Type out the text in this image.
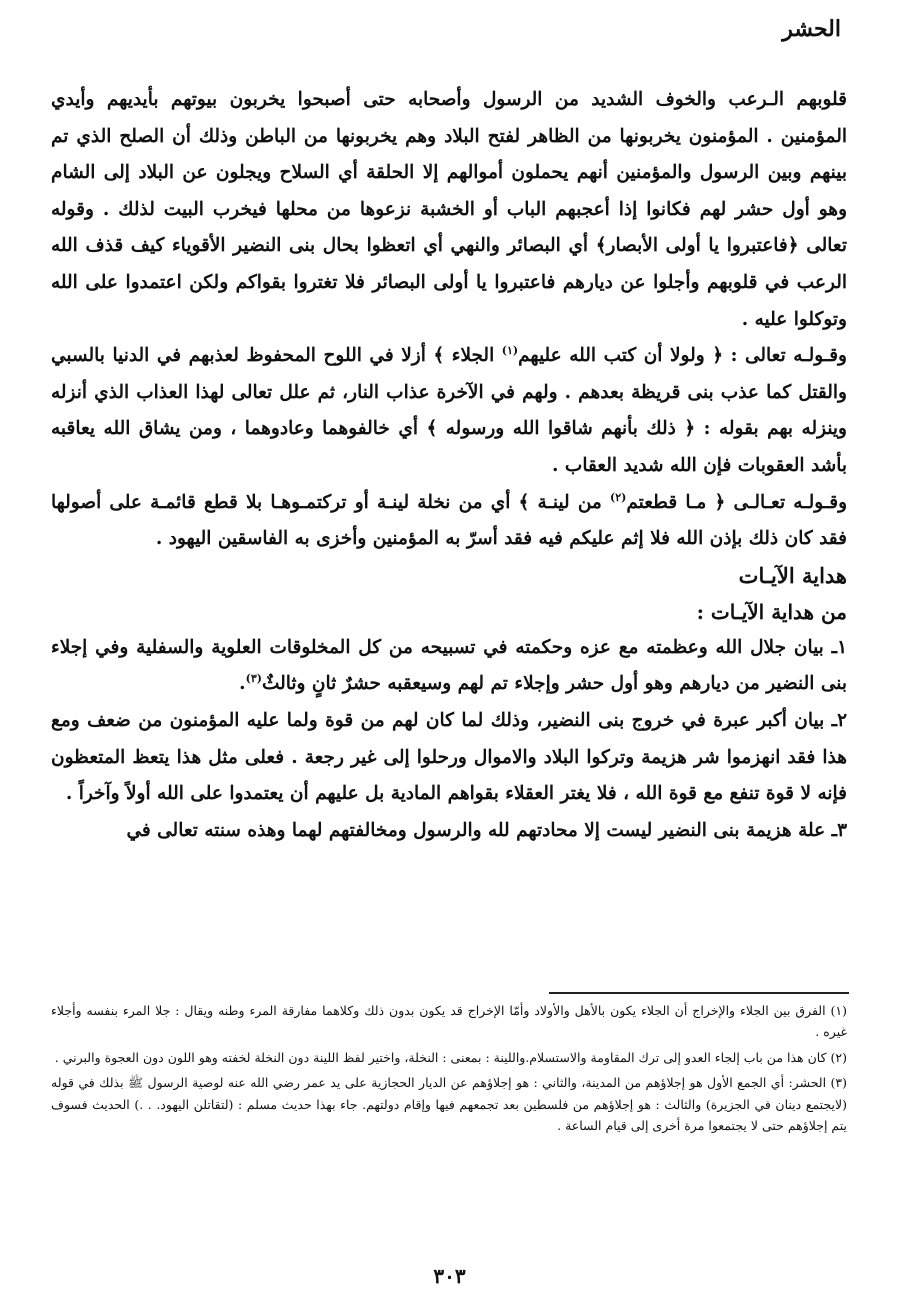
الحشر

قلوبهم الـرعب والخوف الشديد من الرسول وأصحابه حتى أصبحوا يخربون بيوتهم بأيديهم وأيدي المؤمنين . المؤمنون يخربونها من الظاهر لفتح البلاد وهم يخربونها من الباطن وذلك أن الصلح الذي تم بينهم وبين الرسول والمؤمنين أنهم يحملون أموالهم إلا الحلقة أي السلاح ويجلون عن البلاد إلى الشام وهو أول حشر لهم فكانوا إذا أعجبهم الباب أو الخشبة نزعوها من محلها فيخرب البيت لذلك . وقوله تعالى ﴿فاعتبروا يا أولى الأبصار﴾ أي البصائر والنهي أي اتعظوا بحال بنى النضير الأقوياء كيف قذف الله الرعب في قلوبهم وأجلوا عن ديارهم فاعتبروا يا أولى البصائر فلا تغتروا بقواكم ولكن اعتمدوا على الله وتوكلوا عليه .

وقـولـه تعالى : ﴿ ولولا أن كتب الله عليهم$^{(١)}$ الجلاء ﴾ أزلا في اللوح المحفوظ لعذبهم في الدنيا بالسبي والقتل كما عذب بنى قريظة بعدهم . ولهم في الآخرة عذاب النار، ثم علل تعالى لهذا العذاب الذي أنزله وينزله بهم بقوله : ﴿ ذلك بأنهم شاقوا الله ورسوله ﴾ أي خالفوهما وعادوهما ، ومن يشاق الله يعاقبه بأشد العقوبات فإن الله شديد العقاب .

وقـولـه تعـالـى ﴿ مـا قطعتم$^{(٢)}$ من لينـة ﴾ أي من نخلة لينـة أو تركتمـوهـا بلا قطع قائمـة على أصولها فقد كان ذلك بإذن الله فلا إثم عليكم فيه فقد أسرّ به المؤمنين وأخزى به الفاسقين اليهود .

هداية الآيـات
من هداية الآيـات :

١ـ بيان جلال الله وعظمته مع عزه وحكمته في تسبيحه من كل المخلوقات العلوية والسفلية وفي إجلاء بنى النضير من ديارهم وهو أول حشر وإجلاء تم لهم وسيعقبه حشرٌ ثانٍ وثالثٌ$^{(٣)}$.

٢ـ بيان أكبر عبرة في خروج بنى النضير، وذلك لما كان لهم من قوة ولما عليه المؤمنون من ضعف ومع هذا فقد انهزموا شر هزيمة وتركوا البلاد والاموال ورحلوا إلى غير رجعة . فعلى مثل هذا يتعظ المتعظون فإنه لا قوة تنفع مع قوة الله ، فلا يغتر العقلاء بقواهم المادية بل عليهم أن يعتمدوا على الله أولاً وآخراً .

٣ـ علة هزيمة بنى النضير ليست إلا محادتهم لله والرسول ومخالفتهم لهما وهذه سنته تعالى في

(١) الفرق بين الجلاء والإخراج أن الجلاء يكون بالأهل والأولاد وأمّا الإخراج قد يكون بدون ذلك وكلاهما مفارقة المرء وطنه ويقال : جلا المرء بنفسه وأجلاء غيره .

(٢) كان هذا من باب إلجاء العدو إلى ترك المقاومة والاستسلام.واللينة : بمعنى : النخلة، واختير لفظ اللينة دون النخلة لخفته وهو اللون دون العجوة والبرني .

(٣) الحشر: أي الجمع الأول هو إجلاؤهم من المدينة، والثاني : هو إجلاؤهم عن الديار الحجازية على يد عمر رضي الله عنه لوصية الرسول ﷺ بذلك في قوله (لايجتمع دينان في الجزيرة) والثالث : هو إجلاؤهم من فلسطين بعد تجمعهم فيها وإقام دولتهم. جاء بهذا حديث مسلم : (لتقاتلن اليهود. . .) الحديث فسوف يتم إجلاؤهم حتى لا يجتمعوا مرة أخرى إلى قيام الساعة .

٣٠٣
